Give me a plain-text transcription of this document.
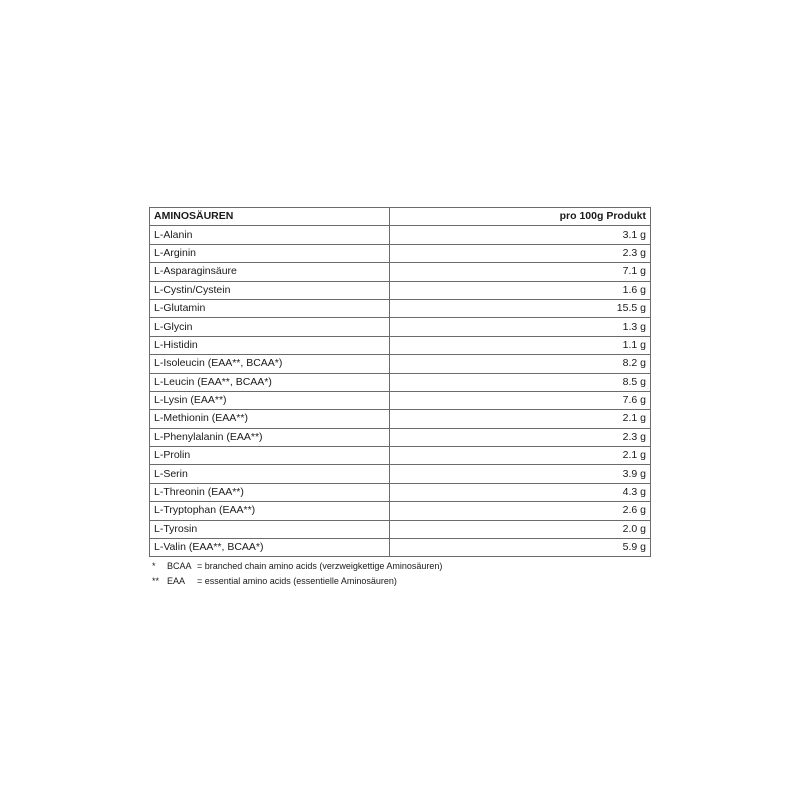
AMINOSÄUREN	pro 100g Produkt
L-Alanin	3.1 g
L-Arginin	2.3 g
L-Asparaginsäure	7.1 g
L-Cystin/Cystein	1.6 g
L-Glutamin	15.5 g
L-Glycin	1.3 g
L-Histidin	1.1 g
L-Isoleucin (EAA**, BCAA*)	8.2 g
L-Leucin (EAA**, BCAA*)	8.5 g
L-Lysin (EAA**)	7.6 g
L-Methionin (EAA**)	2.1 g
L-Phenylalanin (EAA**)	2.3 g
L-Prolin	2.1 g
L-Serin	3.9 g
L-Threonin (EAA**)	4.3 g
L-Tryptophan (EAA**)	2.6 g
L-Tyrosin	2.0 g
L-Valin (EAA**, BCAA*)	5.9 g
*	BCAA = branched chain amino acids (verzweigkettige Aminosäuren)
** EAA	= essential amino acids (essentielle Aminosäuren)
